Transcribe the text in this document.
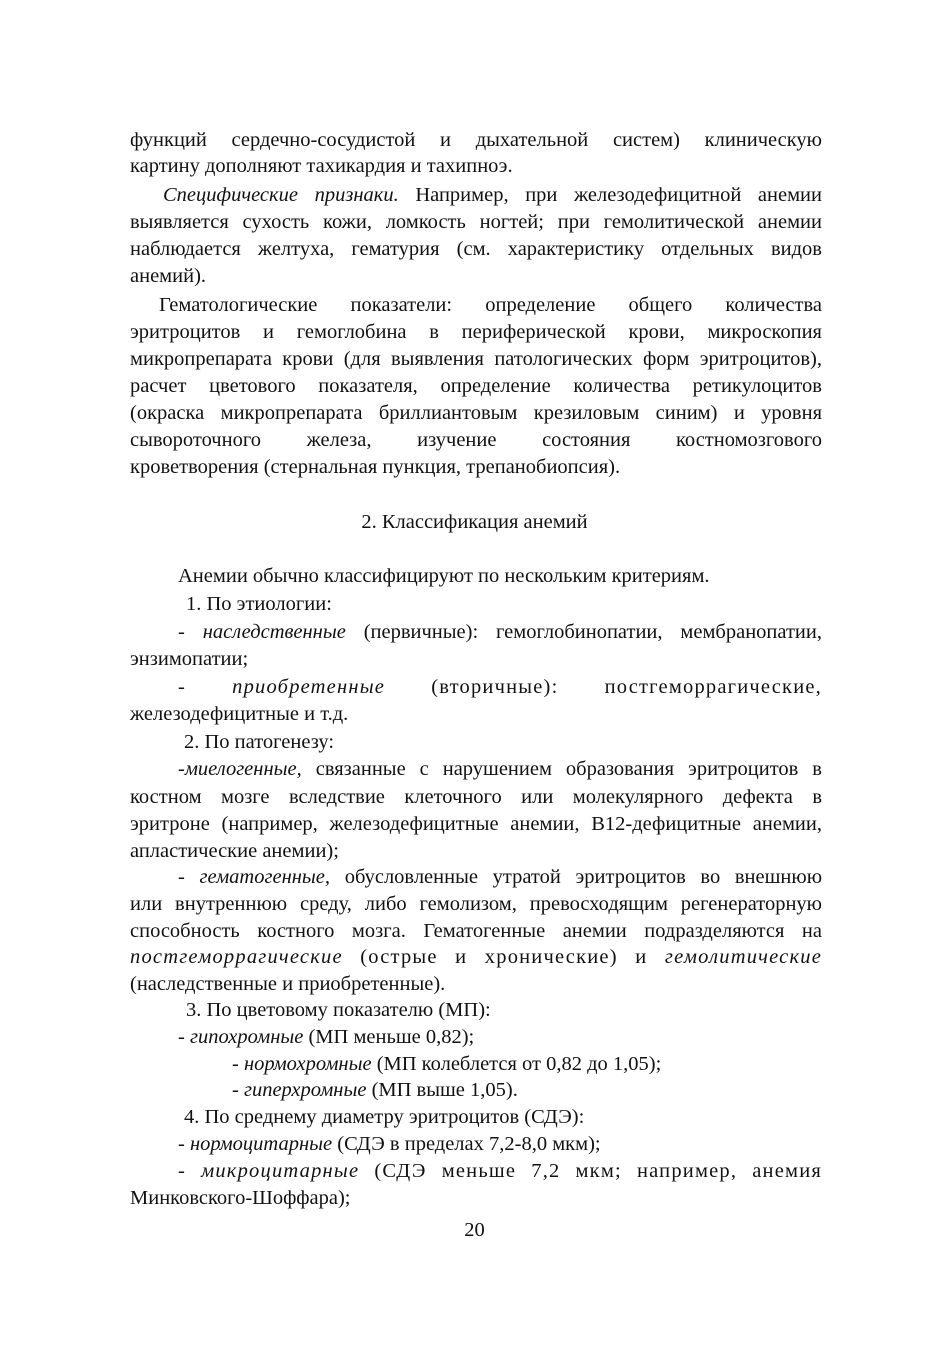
функций сердечно-сосудистой и дыхательной систем) клиническую
картину дополняют тахикардия и тахипноэ.
Специфические признаки. Например, при железодефицитной анемии
выявляется сухость кожи, ломкость ногтей; при гемолитической анемии
наблюдается желтуха, гематурия (см. характеристику отдельных видов
анемий).
Гематологические показатели: определение общего количества
эритроцитов и гемоглобина в периферической крови, микроскопия
микропрепарата крови (для выявления патологических форм эритроцитов),
расчет цветового показателя, определение количества ретикулоцитов
(окраска микропрепарата бриллиантовым крезиловым синим) и уровня
сывороточного железа, изучение состояния костномозгового
кроветворения (стернальная пункция, трепанобиопсия).
2. Классификация анемий
Анемии обычно классифицируют по нескольким критериям.
1. По этиологии:
- наследственные (первичные): гемоглобинопатии, мембранопатии,
энзимопатии;
- приобретенные (вторичные): постгеморрагические,
железодефицитные и т.д.
2. По патогенезу:
-миелогенные, связанные с нарушением образования эритроцитов в
костном мозге вследствие клеточного или молекулярного дефекта в
эритроне (например, железодефицитные анемии, В12-дефицитные анемии,
апластические анемии);
- гематогенные, обусловленные утратой эритроцитов во внешнюю
или внутреннюю среду, либо гемолизом, превосходящим регенераторную
способность костного мозга. Гематогенные анемии подразделяются на
постгеморрагические (острые и хронические) и гемолитические
(наследственные и приобретенные).
3. По цветовому показателю (МП):
- гипохромные (МП меньше 0,82);
- нормохромные (МП колеблется от 0,82 до 1,05);
- гиперхромные (МП выше 1,05).
4. По среднему диаметру эритроцитов (СДЭ):
- нормоцитарные (СДЭ в пределах 7,2-8,0 мкм);
- микроцитарные (СДЭ меньше 7,2 мкм; например, анемия
Минковского-Шоффара);
20
